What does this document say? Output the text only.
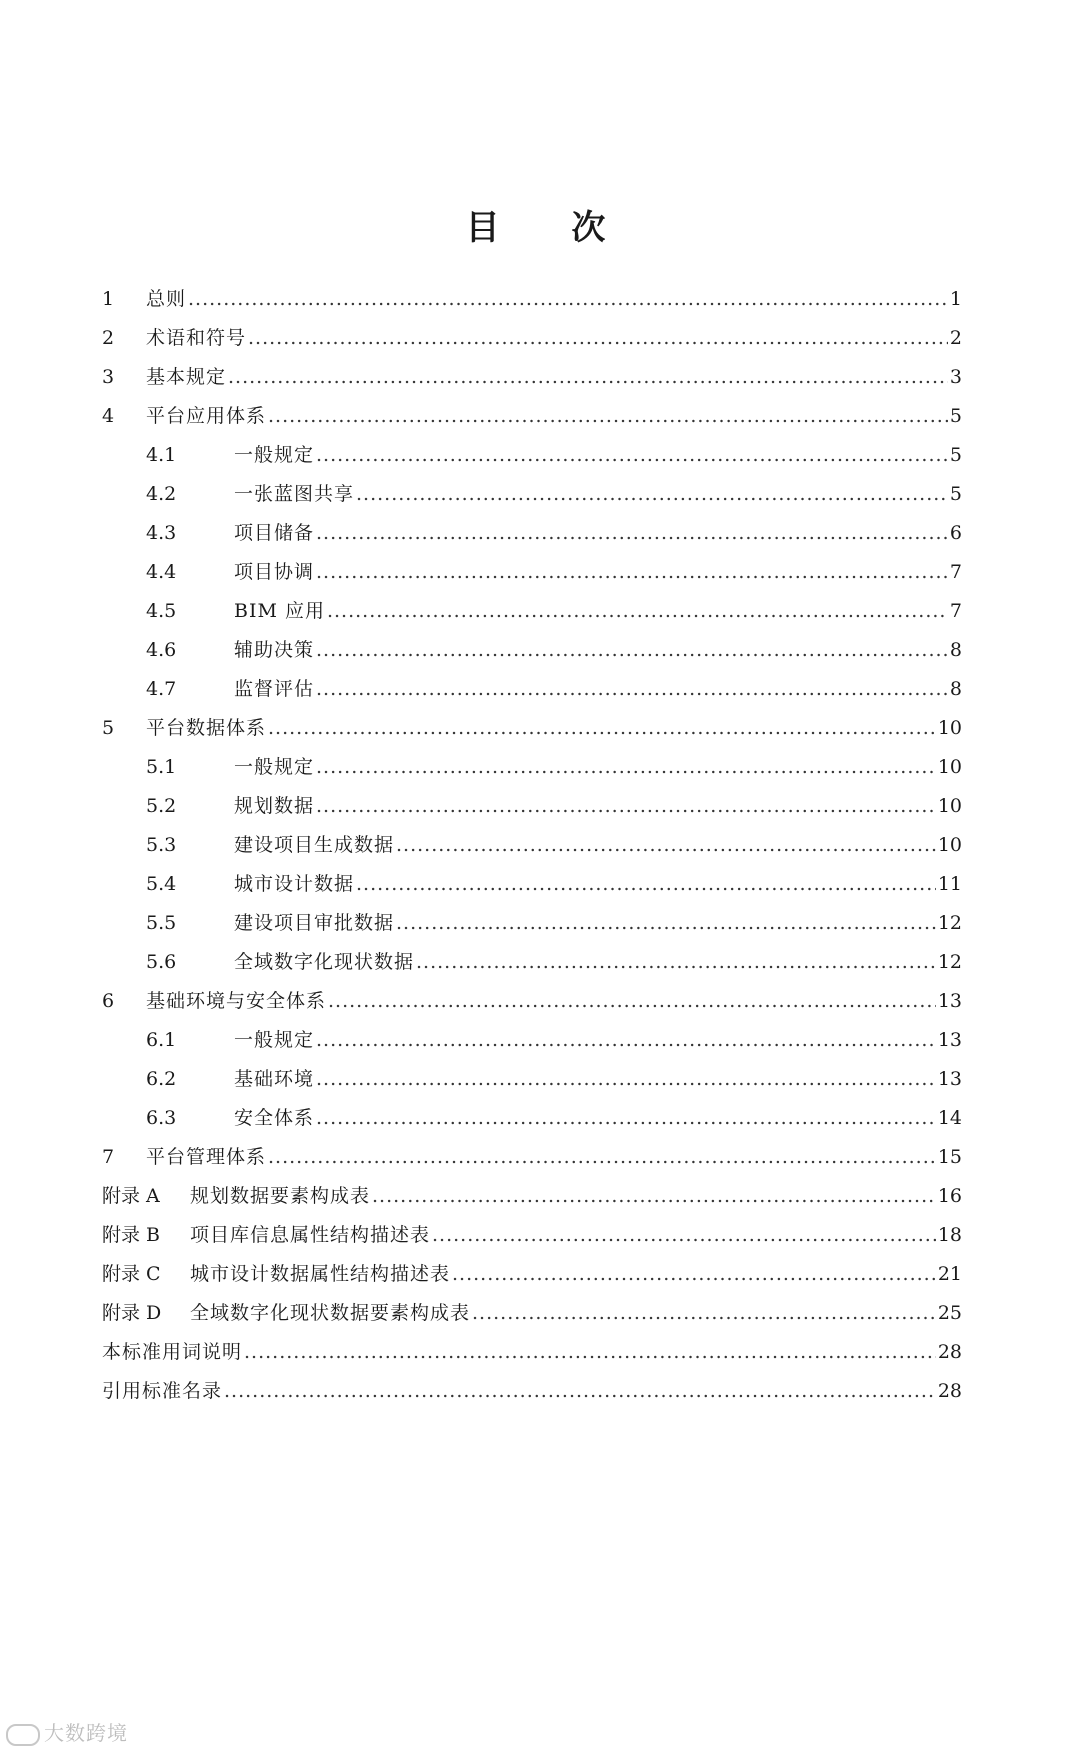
目 次
1	总则 .....	1
2	术语和符号 .....	2
3	基本规定 .....	3
4	平台应用体系 .....	5
4.1	一般规定 .....	5
4.2	一张蓝图共享 .....	5
4.3	项目储备 .....	6
4.4	项目协调 .....	7
4.5	BIM 应用 .....	7
4.6	辅助决策 .....	8
4.7	监督评估 .....	8
5	平台数据体系 .....	10
5.1	一般规定 .....	10
5.2	规划数据 .....	10
5.3	建设项目生成数据 .....	10
5.4	城市设计数据 .....	11
5.5	建设项目审批数据 .....	12
5.6	全域数字化现状数据 .....	12
6	基础环境与安全体系 .....	13
6.1	一般规定 .....	13
6.2	基础环境 .....	13
6.3	安全体系 .....	14
7	平台管理体系 .....	15
附录 A	规划数据要素构成表 .....	16
附录 B	项目库信息属性结构描述表 .....	18
附录 C	城市设计数据属性结构描述表 .....	21
附录 D	全域数字化现状数据要素构成表 .....	25
本标准用词说明 .....	28
引用标准名录 .....	28
大数跨境
